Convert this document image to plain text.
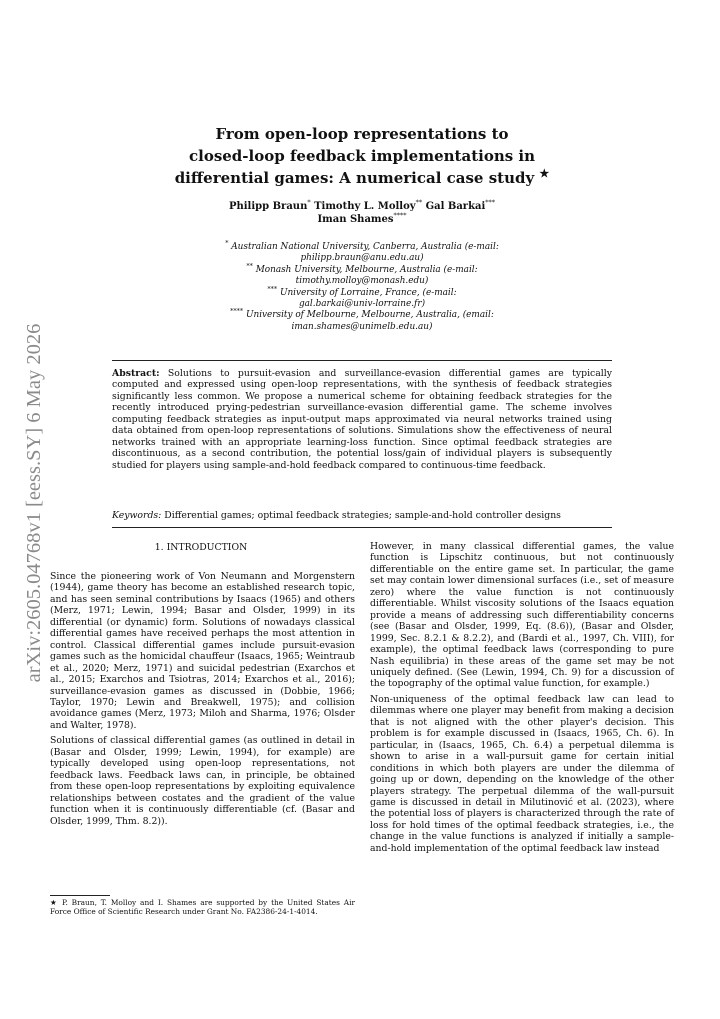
arXiv:2605.04768v1 [eess.SY] 6 May 2026
From open-loop representations to
closed-loop feedback implementations in
differential games: A numerical case study ★
Philipp Braun* Timothy L. Molloy** Gal Barkai***
Iman Shames****
* Australian National University, Canberra, Australia (e-mail:
philipp.braun@anu.edu.au)
** Monash University, Melbourne, Australia (e-mail:
timothy.molloy@monash.edu)
*** University of Lorraine, France, (e-mail:
gal.barkai@univ-lorraine.fr)
**** University of Melbourne, Melbourne, Australia, (email:
iman.shames@unimelb.edu.au)
Abstract: Solutions to pursuit-evasion and surveillance-evasion differential games are typically computed and expressed using open-loop representations, with the synthesis of feedback strategies significantly less common. We propose a numerical scheme for obtaining feedback strategies for the recently introduced prying-pedestrian surveillance-evasion differential game. The scheme involves computing feedback strategies as input-output maps approximated via neural networks trained using data obtained from open-loop representations of solutions. Simulations show the effectiveness of neural networks trained with an appropriate learning-loss function. Since optimal feedback strategies are discontinuous, as a second contribution, the potential loss/gain of individual players is subsequently studied for players using sample-and-hold feedback compared to continuous-time feedback.
Keywords: Differential games; optimal feedback strategies; sample-and-hold controller designs
1. INTRODUCTION

Since the pioneering work of Von Neumann and Morgenstern (1944), game theory has become an established research topic, and has seen seminal contributions by Isaacs (1965) and others (Merz, 1971; Lewin, 1994; Basar and Olsder, 1999) in its differential (or dynamic) form. Solutions of nowadays classical differential games have received perhaps the most attention in control. Classical differential games include pursuit-evasion games such as the homicidal chauffeur (Isaacs, 1965; Weintraub et al., 2020; Merz, 1971) and suicidal pedestrian (Exarchos et al., 2015; Exarchos and Tsiotras, 2014; Exarchos et al., 2016); surveillance-evasion games as discussed in (Dobbie, 1966; Taylor, 1970; Lewin and Breakwell, 1975); and collision avoidance games (Merz, 1973; Miloh and Sharma, 1976; Olsder and Walter, 1978).

Solutions of classical differential games (as outlined in detail in (Basar and Olsder, 1999; Lewin, 1994), for example) are typically developed using open-loop representations, not feedback laws. Feedback laws can, in principle, be obtained from these open-loop representations by exploiting equivalence relationships between costates and the gradient of the value function when it is continuously differentiable (cf. (Basar and Olsder, 1999, Thm. 8.2)).

★ P. Braun, T. Molloy and I. Shames are supported by the United States Air Force Office of Scientific Research under Grant No. FA2386-24-1-4014.

However, in many classical differential games, the value function is Lipschitz continuous, but not continuously differentiable on the entire game set. In particular, the game set may contain lower dimensional surfaces (i.e., set of measure zero) where the value function is not continuously differentiable. Whilst viscosity solutions of the Isaacs equation provide a means of addressing such differentiability concerns (see (Basar and Olsder, 1999, Eq. (8.6)), (Basar and Olsder, 1999, Sec. 8.2.1 & 8.2.2), and (Bardi et al., 1997, Ch. VIII), for example), the optimal feedback laws (corresponding to pure Nash equilibria) in these areas of the game set may be not uniquely defined. (See (Lewin, 1994, Ch. 9) for a discussion of the topography of the optimal value function, for example.)

Non-uniqueness of the optimal feedback law can lead to dilemmas where one player may benefit from making a decision that is not aligned with the other player's decision. This problem is for example discussed in (Isaacs, 1965, Ch. 6). In particular, in (Isaacs, 1965, Ch. 6.4) a perpetual dilemma is shown to arise in a wall-pursuit game for certain initial conditions in which both players are under the dilemma of going up or down, depending on the knowledge of the other players strategy. The perpetual dilemma of the wall-pursuit game is discussed in detail in Milutinović et al. (2023), where the potential loss of players is characterized through the rate of loss for hold times of the optimal feedback strategies, i.e., the change in the value functions is analyzed if initially a sample-and-hold implementation of the optimal feedback law instead
